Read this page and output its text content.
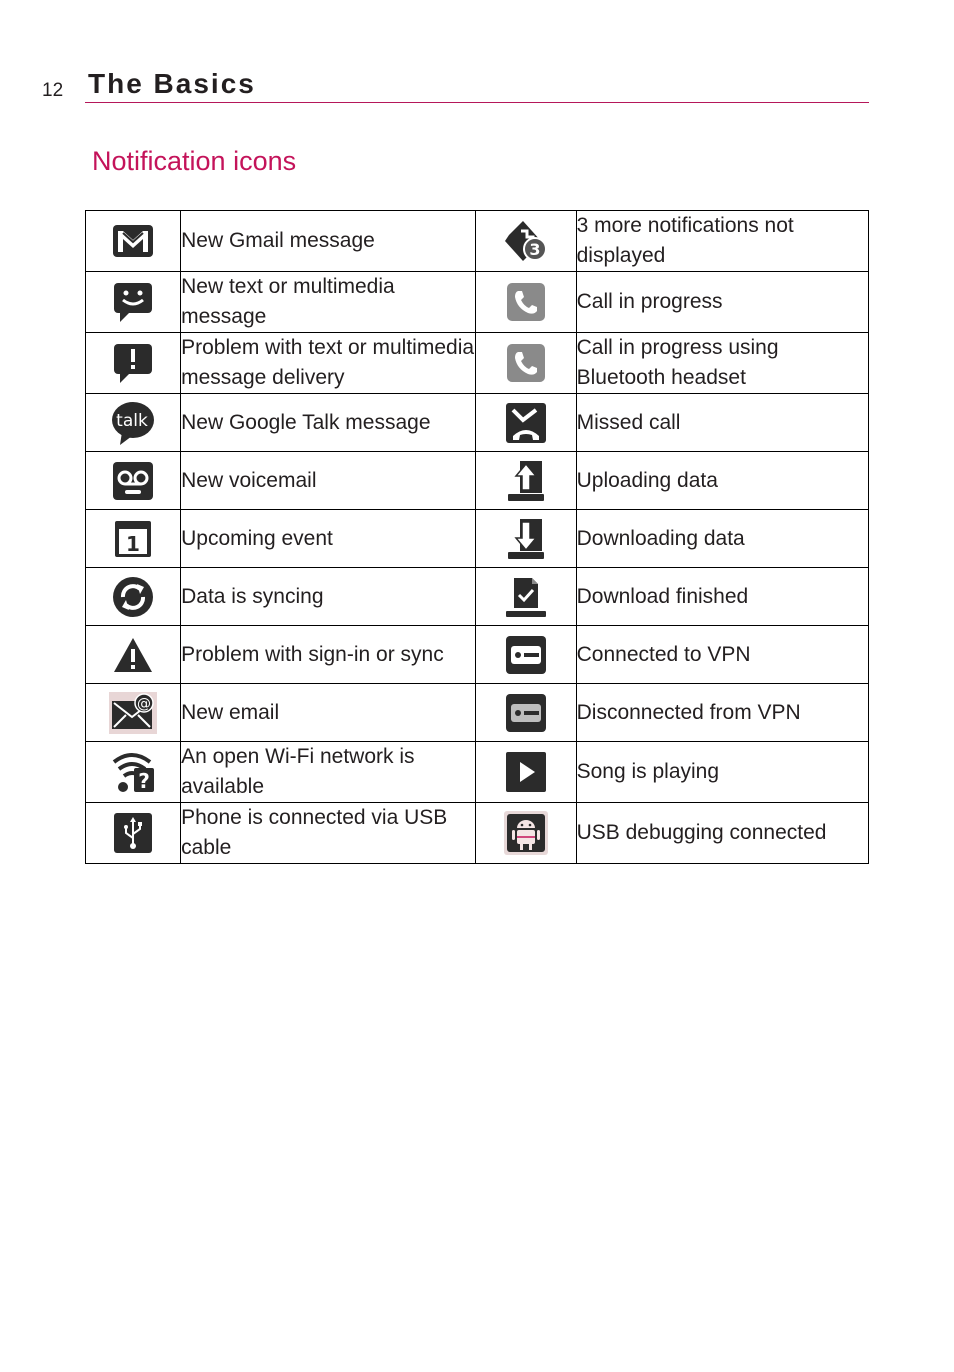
12 The Basics
Notification icons
	New Gmail message	3	3 more notifications not displayed

	New text or multimedia message		Call in progress

	Problem with text or multimedia message delivery		Call in progress using Bluetooth headset

talk	New Google Talk message		Missed call

	New voicemail		Uploading data

1	Upcoming event		Downloading data

	Data is syncing		Download finished

	Problem with sign-in or sync		Connected to VPN

@	New email		Disconnected from VPN

?	An open Wi-Fi network is available		Song is playing

	Phone is connected via USB cable		USB debugging connected
